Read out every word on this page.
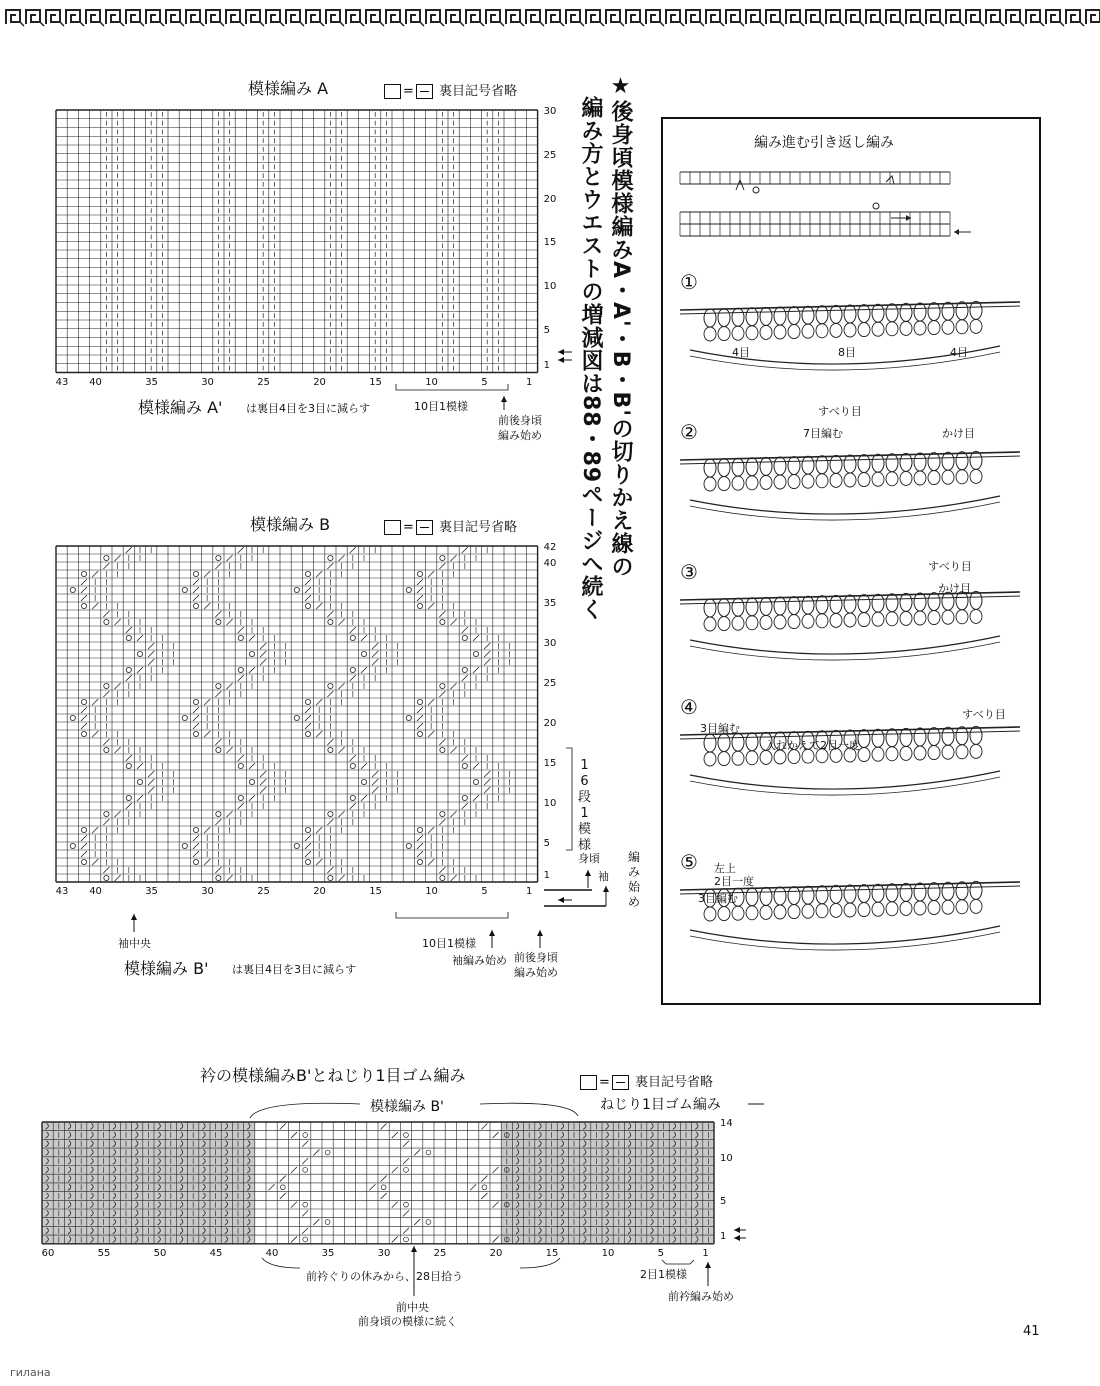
模様編み A	= 裏目記号省略
30
25
20
15
10
5
1
43 40	35	30	25	20	15	10	5	1
10目1模様
前後身頃
編み始め
模様編み A' は裏目4目を3目に減らす
模様編み B	= 裏目記号省略
42
40
35
30
25
20
15
10
5
1
43 40	35	30	25	20	15	10	5	1
1
6
段
1
模
様
身頃
袖
編
み
始
め
袖中央	10目1模様
袖編み始め 前後身頃
編み始め
模様編み B' は裏目4目を3目に減らす
★後身頃模様編みA・A'・B・B'の切りかえ線の
編み方とウエストの増減図は88・89ページへ続く	編み進む引き返し編み
①
4目	8目	4目
②
すべり目
7目編む	かけ目
③	すべり目
かけ目
④
3目編む
入れかえて2目一度
すべり目
⑤ 左上
2目一度
3目編む
衿の模様編みB'とねじり1目ゴム編み	= 裏目記号省略
模様編み B'	ねじり1目ゴム編み
14
10
5
1
60	55	50	45	40	35	30	25	20	15	10	5	1
前衿ぐりの休みから、28目拾う
前中央
前身頃の模様に続く
2目1模様
前衿編み始め
41
гилана
